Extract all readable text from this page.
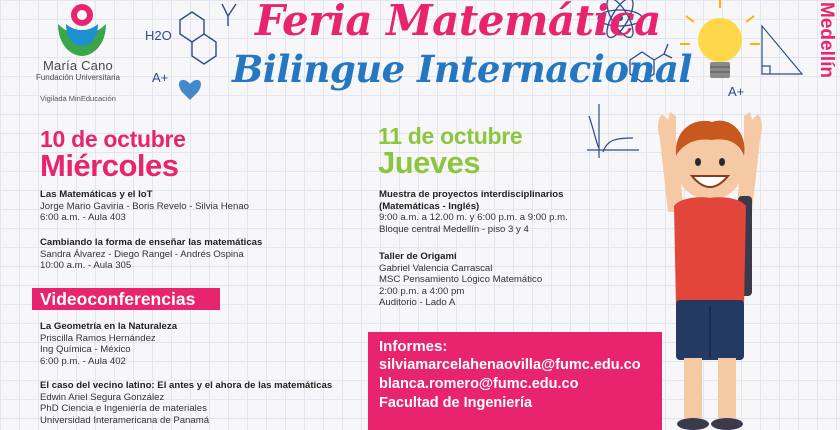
María Cano
Fundación Universitaria
Vigilada MinEducación
H2O
A+
Feria Matemática
Bilingue Internacional	Medellín
A+
10 de octubre
Miércoles
Las Matemáticas y el IoT
Jorge Mario Gaviria - Boris Revelo - Silvia Henao
6:00 a.m. - Aula 403
Cambiando la forma de enseñar las matemáticas
Sandra Álvarez - Diego Rangel - Andrés Ospina
10:00 a.m. - Aula 305
Videoconferencias
La Geometría en la Naturaleza
Priscilla Ramos Hernández
Ing Química - México
6:00 p.m. - Aula 402
El caso del vecino latino: El antes y el ahora de las matemáticas
Edwin Ariel Segura González
PhD Ciencia e Ingeniería de materiales
Universidad Interamericana de Panamá
11 de octubre
Jueves
Muestra de proyectos interdisciplinarios
(Matemáticas - Inglés)
9:00 a.m. a 12.00 m. y 6:00 p.m. a 9:00 p.m.
Bloque central Medellín - piso 3 y 4
Taller de Origami
Gabriel Valencia Carrascal
MSC Pensamiento Lógico Matemático
2:00 p.m. a 4:00 pm
Auditorio - Lado A
Informes:
silviamarcelahenaovilla@fumc.edu.co
blanca.romero@fumc.edu.co
Facultad de Ingeniería
